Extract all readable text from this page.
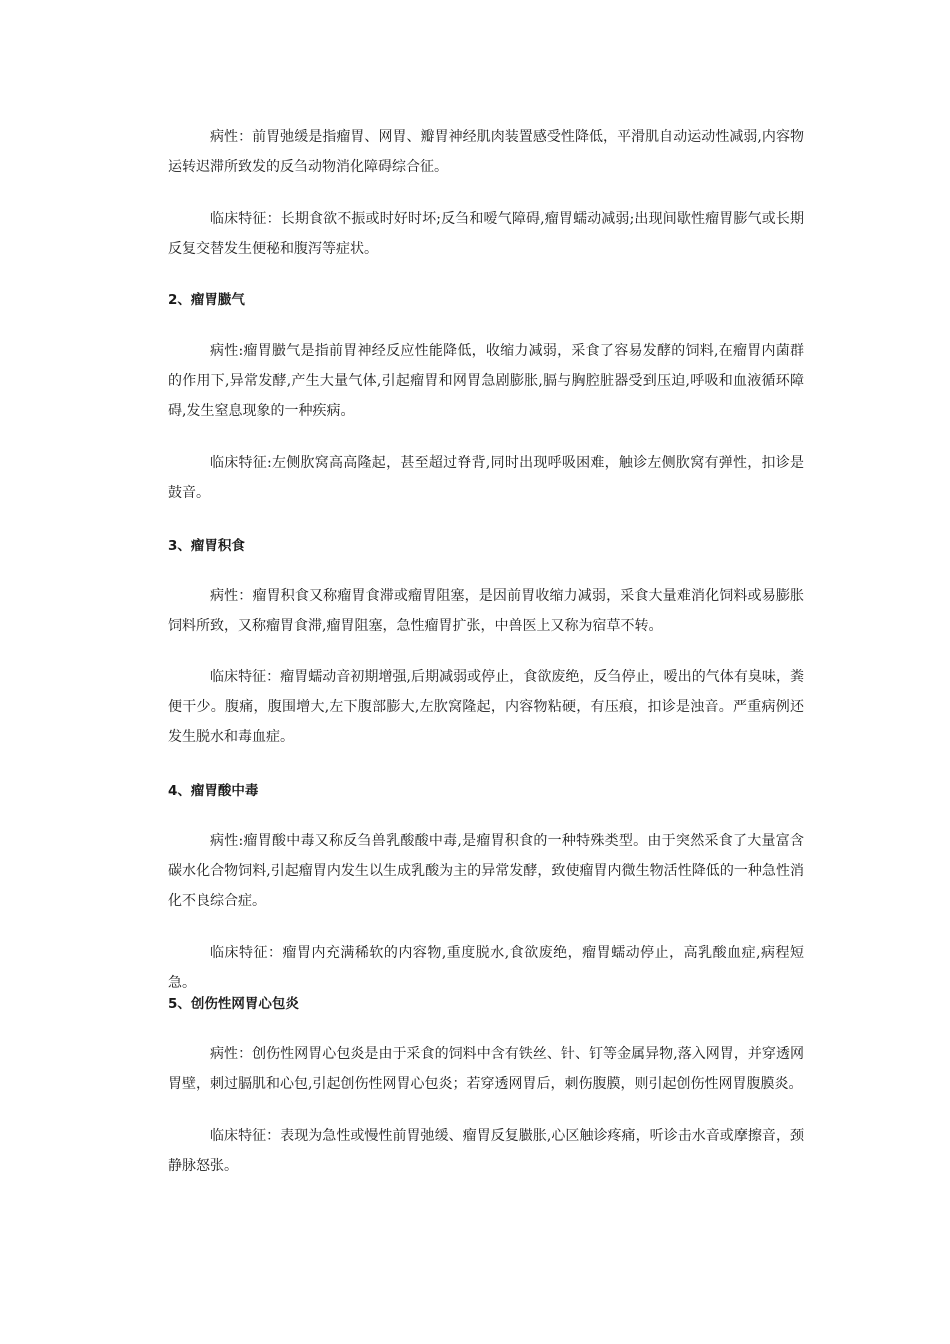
病性：前胃弛缓是指瘤胃、网胃、瓣胃神经肌肉装置感受性降低，平滑肌自动运动性减弱,内容物运转迟滞所致发的反刍动物消化障碍综合征。

临床特征：长期食欲不振或时好时坏;反刍和嗳气障碍,瘤胃蠕动减弱;出现间歇性瘤胃膨气或长期反复交替发生便秘和腹泻等症状。

2、瘤胃臌气

病性:瘤胃臌气是指前胃神经反应性能降低，收缩力减弱，采食了容易发酵的饲料,在瘤胃内菌群的作用下,异常发酵,产生大量气体,引起瘤胃和网胃急剧膨胀,膈与胸腔脏器受到压迫,呼吸和血液循环障碍,发生窒息现象的一种疾病。

临床特征:左侧肷窝高高隆起，甚至超过脊背,同时出现呼吸困难，触诊左侧肷窝有弹性，扣诊是鼓音。

3、瘤胃积食

病性：瘤胃积食又称瘤胃食滞或瘤胃阻塞，是因前胃收缩力减弱，采食大量难消化饲料或易膨胀饲料所致，又称瘤胃食滞,瘤胃阻塞，急性瘤胃扩张，中兽医上又称为宿草不转。

临床特征：瘤胃蠕动音初期增强,后期减弱或停止，食欲废绝，反刍停止，嗳出的气体有臭味，粪便干少。腹痛，腹围增大,左下腹部膨大,左肷窝隆起，内容物粘硬，有压痕，扣诊是浊音。严重病例还发生脱水和毒血症。

4、瘤胃酸中毒

病性:瘤胃酸中毒又称反刍兽乳酸酸中毒,是瘤胃积食的一种特殊类型。由于突然采食了大量富含碳水化合物饲料,引起瘤胃内发生以生成乳酸为主的异常发酵，致使瘤胃内微生物活性降低的一种急性消化不良综合症。

临床特征：瘤胃内充满稀软的内容物,重度脱水,食欲废绝，瘤胃蠕动停止，高乳酸血症,病程短急。

5、创伤性网胃心包炎

病性：创伤性网胃心包炎是由于采食的饲料中含有铁丝、针、钉等金属异物,落入网胃，并穿透网胃壁，刺过膈肌和心包,引起创伤性网胃心包炎；若穿透网胃后，刺伤腹膜，则引起创伤性网胃腹膜炎。

临床特征：表现为急性或慢性前胃弛缓、瘤胃反复臌胀,心区触诊疼痛，听诊击水音或摩擦音，颈静脉怒张。
